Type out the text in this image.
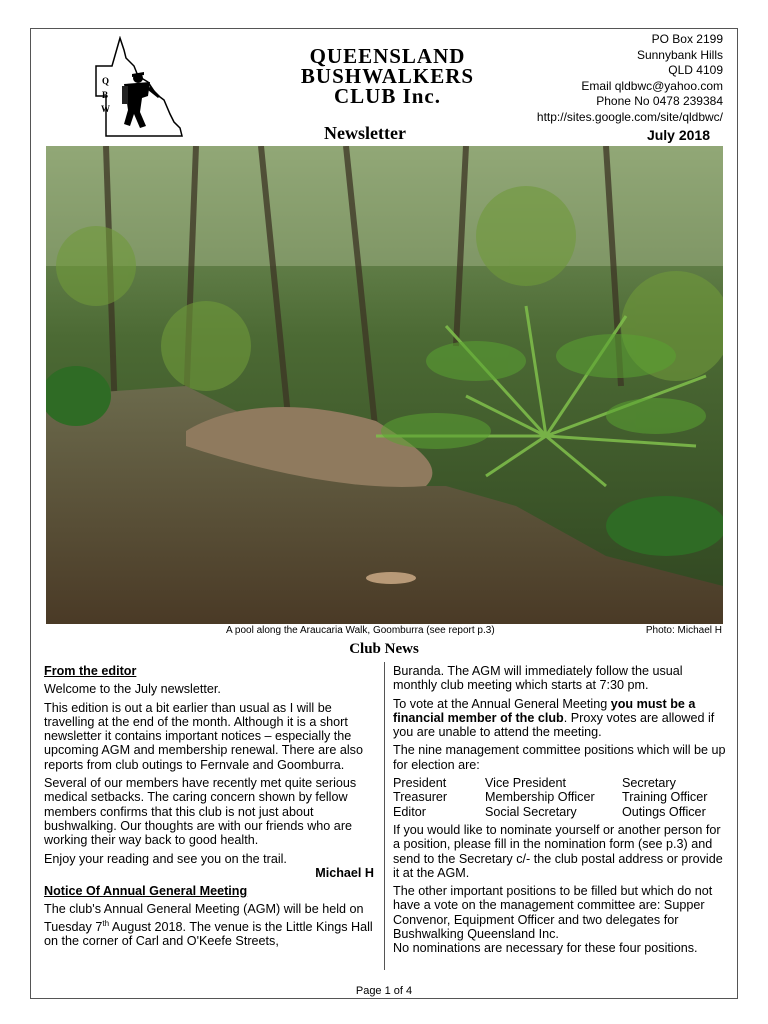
Q
B
W
QUEENSLAND
BUSHWALKERS
CLUB Inc.
Newsletter
PO Box 2199
Sunnybank Hills
QLD 4109
Email qldbwc@yahoo.com
Phone No 0478 239384
http://sites.google.com/site/qldbwc/
July 2018
A pool along the Araucaria Walk, Goomburra (see report p.3)	Photo: Michael H
Club News

From the editor

Welcome to the July newsletter.

This edition is out a bit earlier than usual as I will be travelling at the end of the month. Although it is a short newsletter it contains important notices – especially the upcoming AGM and membership renewal. There are also reports from club outings to Fernvale and Goomburra.

Several of our members have recently met quite serious medical setbacks. The caring concern shown by fellow members confirms that this club is not just about bushwalking. Our thoughts are with our friends who are working their way back to good health.

Enjoy your reading and see you on the trail.

Michael H

Notice Of Annual General Meeting

The club's Annual General Meeting (AGM) will be held on Tuesday 7th August 2018. The venue is the Little Kings Hall on the corner of Carl and O'Keefe Streets,

Buranda. The AGM will immediately follow the usual monthly club meeting which starts at 7:30 pm.

To vote at the Annual General Meeting you must be a financial member of the club. Proxy votes are allowed if you are unable to attend the meeting.

The nine management committee positions which will be up for election are:

President	Vice President	Secretary
Treasurer	Membership Officer	Training Officer
Editor	Social Secretary	Outings Officer

If you would like to nominate yourself or another person for a position, please fill in the nomination form (see p.3) and send to the Secretary c/- the club postal address or provide it at the AGM.

The other important positions to be filled but which do not have a vote on the management committee are: Supper Convenor, Equipment Officer and two delegates for Bushwalking Queensland Inc.

No nominations are necessary for these four positions.

Page 1 of 4
